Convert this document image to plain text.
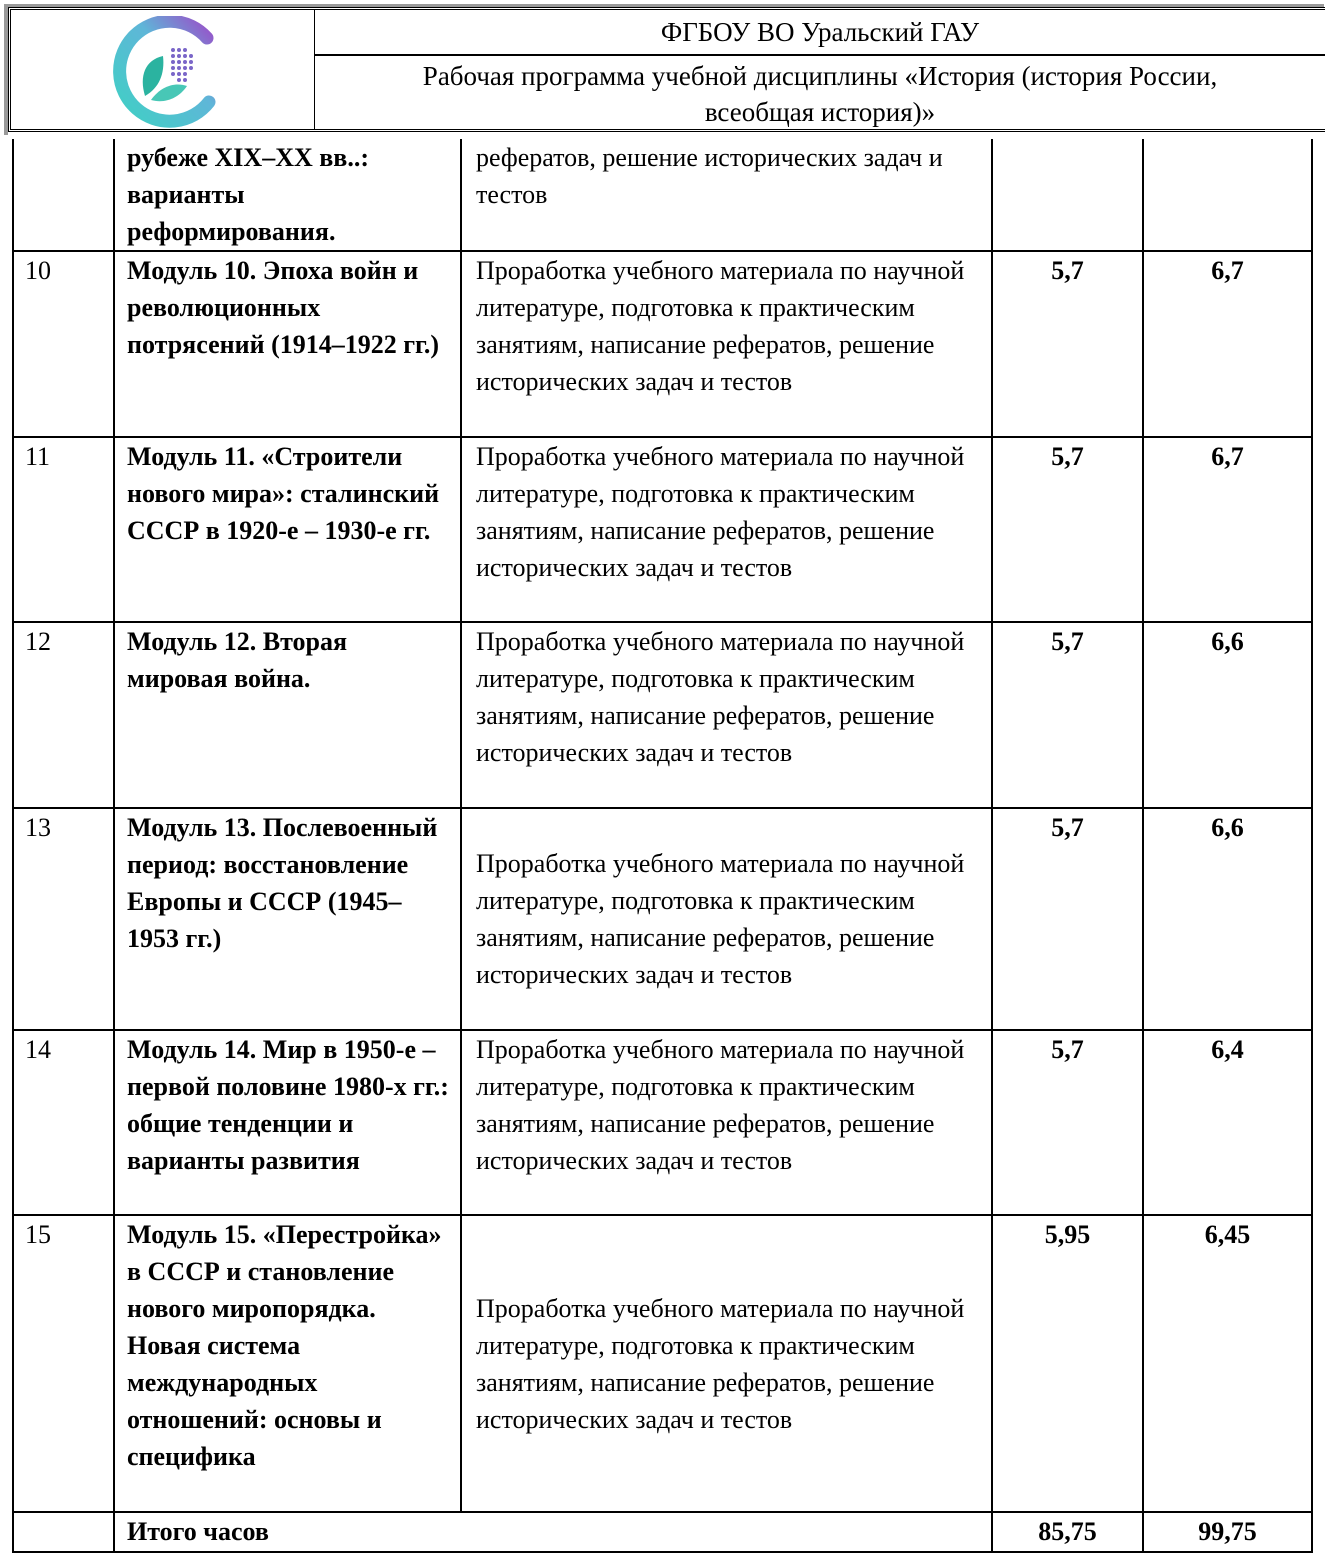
ФГБОУ ВО Уральский ГАУ
Рабочая программа учебной дисциплины «История (история России,
всеобщая история)»
	рубеже XIX–XX вв..: варианты реформирования.	рефератов, решение исторических задач и тестов		
10	Модуль 10. Эпоха войн и революционных потрясений (1914–1922 гг.)	Проработка учебного материала по научной литературе, подготовка к практическим занятиям, написание рефератов, решение исторических задач и тестов	5,7	6,7
11	Модуль 11. «Строители нового мира»: сталинский СССР в 1920-е – 1930-е гг.	Проработка учебного материала по научной литературе, подготовка к практическим занятиям, написание рефератов, решение исторических задач и тестов	5,7	6,7
12	Модуль 12. Вторая мировая война.	Проработка учебного материала по научной литературе, подготовка к практическим занятиям, написание рефератов, решение исторических задач и тестов	5,7	6,6
13	Модуль 13. Послевоенный период: восстановление Европы и СССР (1945–1953 гг.)	Проработка учебного материала по научной литературе, подготовка к практическим занятиям, написание рефератов, решение исторических задач и тестов	5,7	6,6
14	Модуль 14. Мир в 1950-е – первой половине 1980-х гг.: общие тенденции и варианты развития	Проработка учебного материала по научной литературе, подготовка к практическим занятиям, написание рефератов, решение исторических задач и тестов	5,7	6,4
15	Модуль 15. «Перестройка» в СССР и становление нового миропорядка. Новая система международных отношений: основы и специфика	Проработка учебного материала по научной литературе, подготовка к практическим занятиям, написание рефератов, решение исторических задач и тестов	5,95	6,45
	Итого часов		85,75	99,75
